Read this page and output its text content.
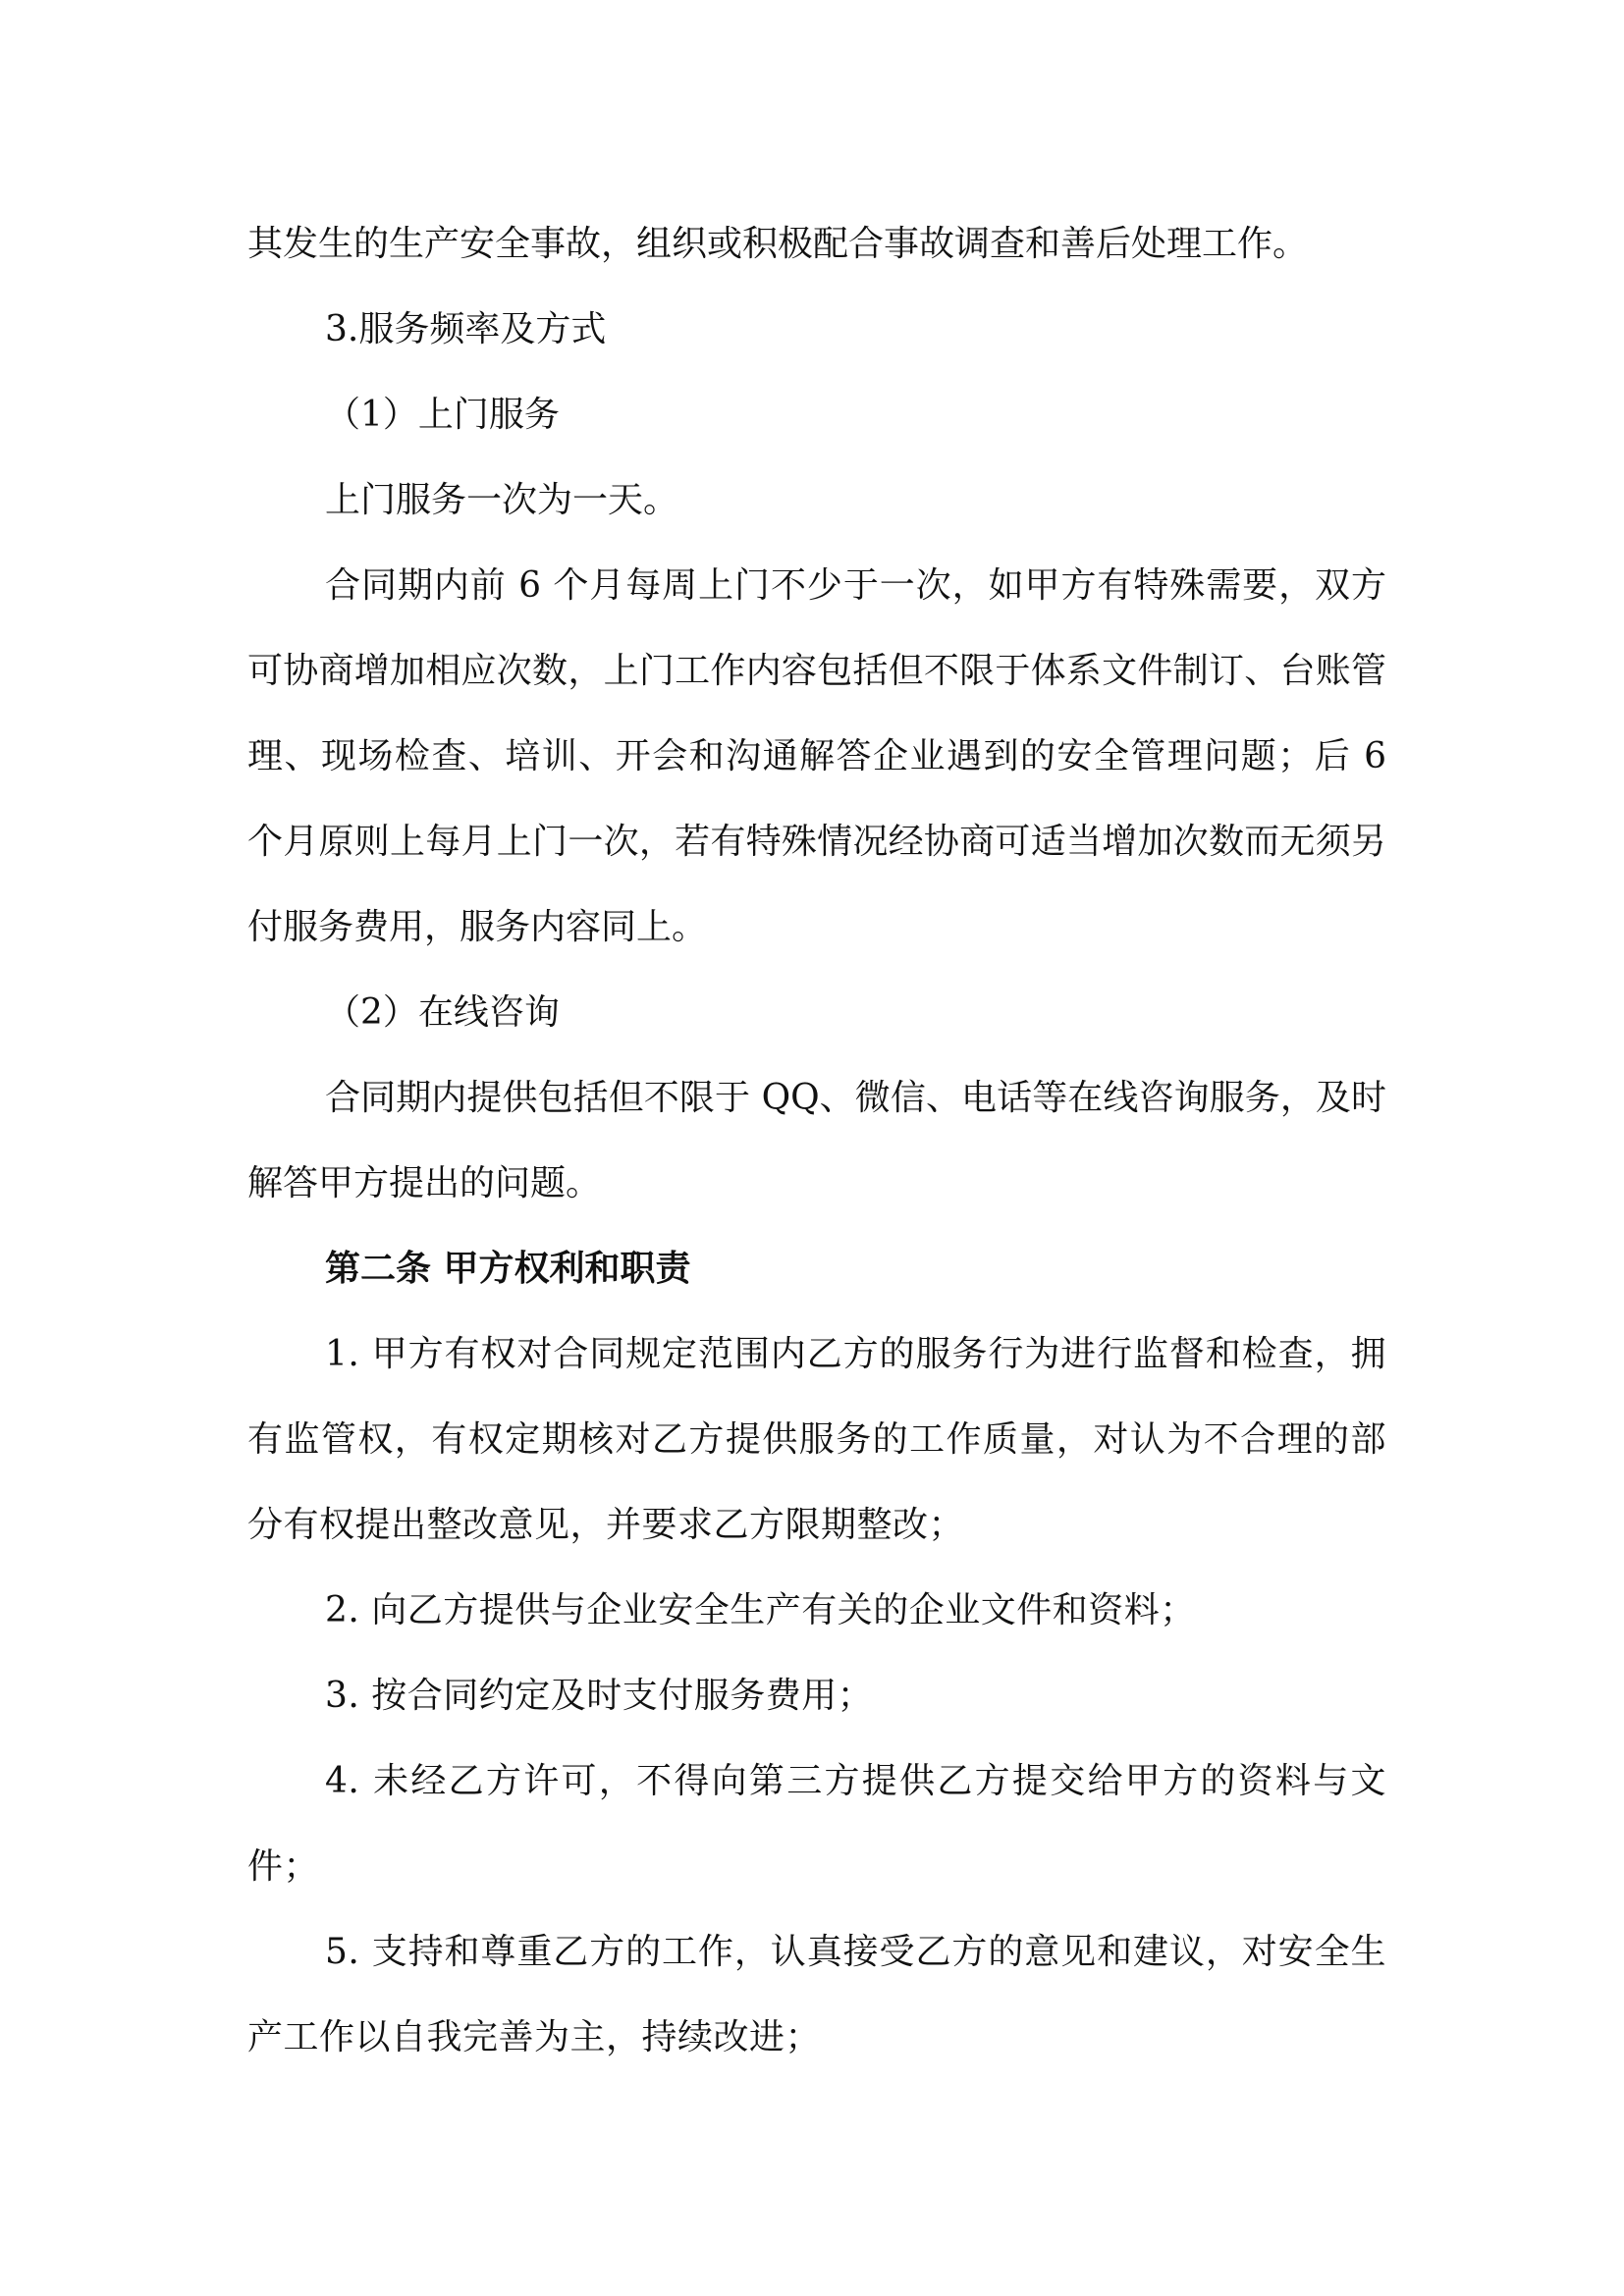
其发生的生产安全事故，组织或积极配合事故调查和善后处理工作。

3.服务频率及方式

（1）上门服务

上门服务一次为一天。

合同期内前 6 个月每周上门不少于一次，如甲方有特殊需要，双方可协商增加相应次数，上门工作内容包括但不限于体系文件制订、台账管理、现场检查、培训、开会和沟通解答企业遇到的安全管理问题；后 6 个月原则上每月上门一次，若有特殊情况经协商可适当增加次数而无须另付服务费用，服务内容同上。

（2）在线咨询

合同期内提供包括但不限于 QQ、微信、电话等在线咨询服务，及时解答甲方提出的问题。

第二条 甲方权利和职责

1. 甲方有权对合同规定范围内乙方的服务行为进行监督和检查，拥有监管权，有权定期核对乙方提供服务的工作质量，对认为不合理的部分有权提出整改意见，并要求乙方限期整改；

2. 向乙方提供与企业安全生产有关的企业文件和资料；

3. 按合同约定及时支付服务费用；

4. 未经乙方许可，不得向第三方提供乙方提交给甲方的资料与文件；

5. 支持和尊重乙方的工作，认真接受乙方的意见和建议，对安全生产工作以自我完善为主，持续改进；
